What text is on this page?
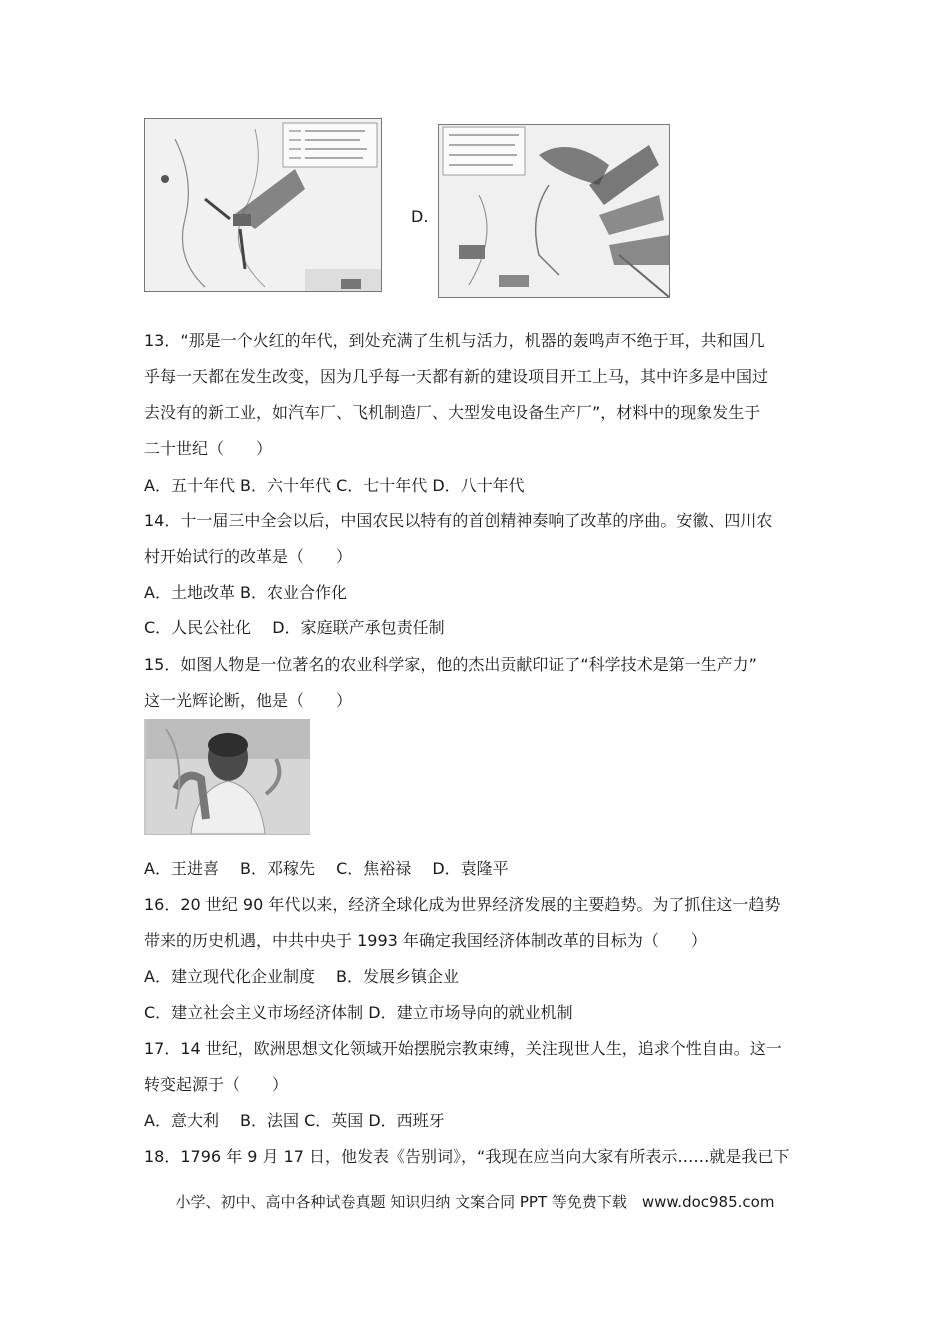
D.
13．“那是一个火红的年代，到处充满了生机与活力，机器的轰鸣声不绝于耳，共和国几
乎每一天都在发生改变，因为几乎每一天都有新的建设项目开工上马，其中许多是中国过
去没有的新工业，如汽车厂、飞机制造厂、大型发电设备生产厂”，材料中的现象发生于
二十世纪（　　）
A．五十年代 B．六十年代 C．七十年代 D．八十年代
14．十一届三中全会以后，中国农民以特有的首创精神奏响了改革的序曲。安徽、四川农
村开始试行的改革是（　　）
A．土地改革 B．农业合作化
C．人民公社化　 D．家庭联产承包责任制
15．如图人物是一位著名的农业科学家，他的杰出贡献印证了“科学技术是第一生产力”
这一光辉论断，他是（　　）
A．王进喜　 B．邓稼先　 C．焦裕禄　 D．袁隆平
16．20 世纪 90 年代以来，经济全球化成为世界经济发展的主要趋势。为了抓住这一趋势
带来的历史机遇，中共中央于 1993 年确定我国经济体制改革的目标为（　　）
A．建立现代化企业制度　 B．发展乡镇企业
C．建立社会主义市场经济体制 D．建立市场导向的就业机制
17．14 世纪，欧洲思想文化领域开始摆脱宗教束缚，关注现世人生，追求个性自由。这一
转变起源于（　　）
A．意大利　 B．法国 C．英国 D．西班牙
18．1796 年 9 月 17 日，他发表《告别词》，“我现在应当向大家有所表示……就是我已下
小学、初中、高中各种试卷真题 知识归纳 文案合同 PPT 等免费下载　www.doc985.com
